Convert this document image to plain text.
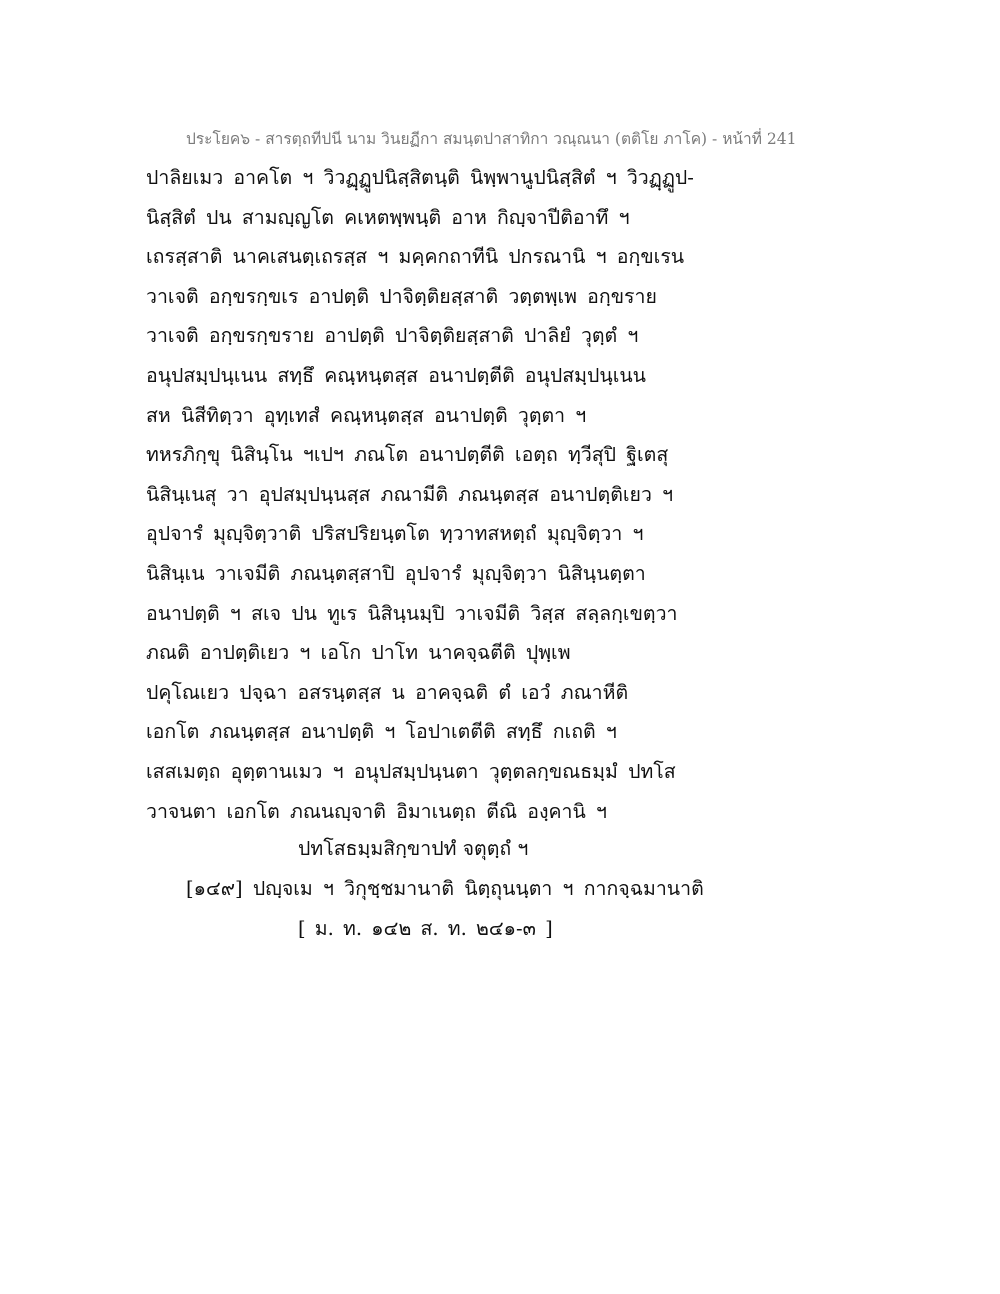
ประโยค๖ - สารตฺถทีปนี นาม วินยฏีกา สมนฺตปาสาทิกา วณฺณนา (ตติโย ภาโค) - หน้าที่ 241
ปาลิยเมว อาคโต ฯ วิวฏฺฏูปนิสฺสิตนฺติ นิพฺพานูปนิสฺสิตํ ฯ วิวฏฺฏูป-
นิสฺสิตํ ปน สามญฺญโต คเหตพฺพนฺติ อาห กิญฺจาปีติอาทึ ฯ
เถรสฺสาติ นาคเสนตฺเถรสฺส ฯ มคฺคกถาทีนิ ปกรณานิ ฯ อกฺขเรน
วาเจติ อกฺขรกฺขเร อาปตฺติ ปาจิตฺติยสฺสาติ วตฺตพฺเพ อกฺขราย
วาเจติ อกฺขรกฺขราย อาปตฺติ ปาจิตฺติยสฺสาติ ปาลิยํ วุตฺตํ ฯ
อนุปสมฺปนฺเนน สทฺธึ คณฺหนฺตสฺส อนาปตฺตีติ อนุปสมฺปนฺเนน
สห นิสีทิตฺวา อุทฺเทสํ คณฺหนฺตสฺส อนาปตฺติ วุตฺตา ฯ
ทหรภิกฺขุ นิสินฺโน ฯเปฯ ภณโต อนาปตฺตีติ เอตฺถ ทฺวีสุปิ ฐิเตสุ
นิสินฺเนสุ วา อุปสมฺปนฺนสฺส ภณามีติ ภณนฺตสฺส อนาปตฺติเยว ฯ
อุปจารํ มุญฺจิตฺวาติ ปริสปริยนฺตโต ทฺวาทสหตฺถํ มุญฺจิตฺวา ฯ
นิสินฺเน วาเจมีติ ภณนฺตสฺสาปิ อุปจารํ มุญฺจิตฺวา นิสินฺนตฺตา
อนาปตฺติ ฯ สเจ ปน ทูเร นิสินฺนมฺปิ วาเจมีติ วิสฺส สลฺลกฺเขตฺวา
ภณติ อาปตฺติเยว ฯ เอโก ปาโท นาคจฺฉตีติ ปุพฺเพ
ปคุโณเยว ปจฺฉา อสรนฺตสฺส น อาคจฺฉติ ตํ เอวํ ภณาหีติ
เอกโต ภณนฺตสฺส อนาปตฺติ ฯ โอปาเตตีติ สทฺธึ กเถติ ฯ
เสสเมตฺถ อุตฺตานเมว ฯ อนุปสมฺปนฺนตา วุตฺตลกฺขณธมฺมํ ปทโส
วาจนตา เอกโต ภณนญฺจาติ อิมาเนตฺถ ตีณิ องฺคานิ ฯ
ปทโสธมฺมสิกฺขาปทํ จตุตฺถํ ฯ
[๑๔๙] ปญฺจเม ฯ วิกุชฺชมานาติ นิตฺถุนนฺตา ฯ กากจฺฉมานาติ
[ ม. ท. ๑๔๒ ส. ท. ๒๔๑-๓ ]
